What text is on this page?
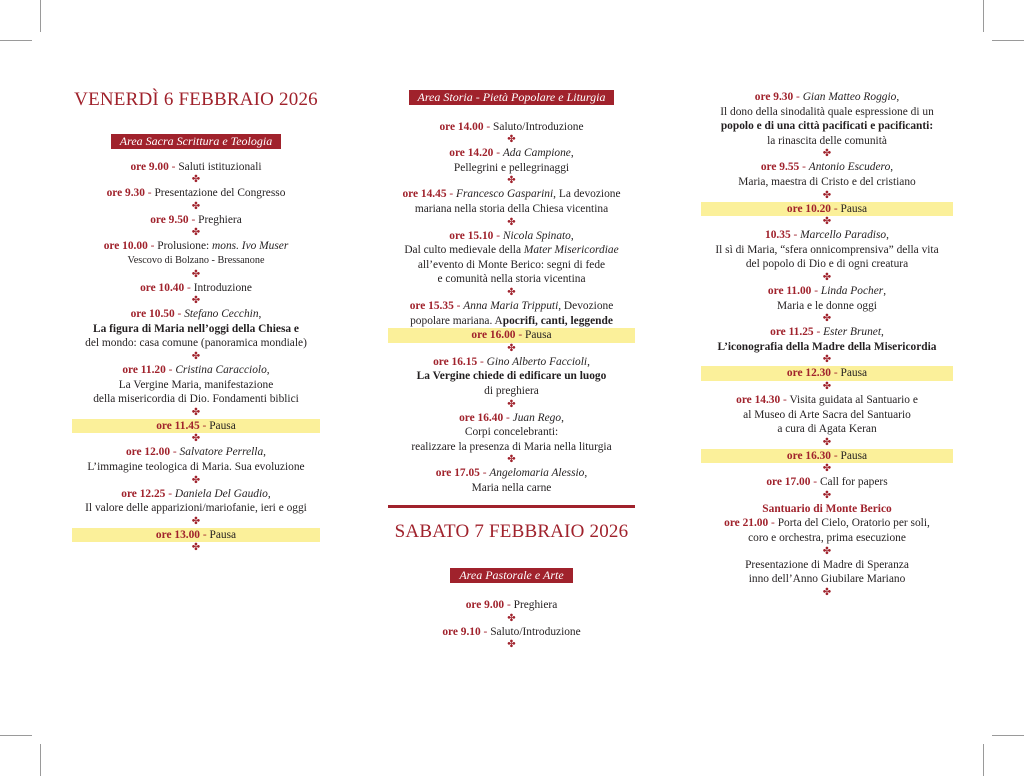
VENERDÌ 6 FEBBRAIO 2026
Area Sacra Scrittura e Teologia
ore 9.00 - Saluti istituzionali
✤
ore 9.30 - Presentazione del Congresso
✤
ore 9.50 - Preghiera
✤
ore 10.00 - Prolusione: mons. Ivo Muser
Vescovo di Bolzano - Bressanone
✤
ore 10.40 - Introduzione
✤
ore 10.50 - Stefano Cecchin,
La figura di Maria nell’oggi della Chiesa e
del mondo: casa comune (panoramica mondiale)
✤
ore 11.20 - Cristina Caracciolo,
La Vergine Maria, manifestazione
della misericordia di Dio. Fondamenti biblici
✤
ore 11.45 - Pausa
✤
ore 12.00 - Salvatore Perrella,
L’immagine teologica di Maria. Sua evoluzione
✤
ore 12.25 - Daniela Del Gaudio,
Il valore delle apparizioni/mariofanie, ieri e oggi
✤
ore 13.00 - Pausa
✤
Area Storia - Pietà Popolare e Liturgia
ore 14.00 - Saluto/Introduzione
✤
ore 14.20 - Ada Campione,
Pellegrini e pellegrinaggi
✤
ore 14.45 - Francesco Gasparini, La devozione
mariana nella storia della Chiesa vicentina
✤
ore 15.10 - Nicola Spinato,
Dal culto medievale della Mater Misericordiae
all’evento di Monte Berico: segni di fede
e comunità nella storia vicentina
✤
ore 15.35 - Anna Maria Tripputi, Devozione
popolare mariana. Apocrifi, canti, leggende
ore 16.00 - Pausa
✤
ore 16.15 - Gino Alberto Faccioli,
La Vergine chiede di edificare un luogo
di preghiera
✤
ore 16.40 - Juan Rego,
Corpi concelebranti:
realizzare la presenza di Maria nella liturgia
✤
ore 17.05 - Angelomaria Alessio,
Maria nella carne
SABATO 7 FEBBRAIO 2026
Area Pastorale e Arte
ore 9.00 - Preghiera
✤
ore 9.10 - Saluto/Introduzione
✤
ore 9.30 - Gian Matteo Roggio,
Il dono della sinodalità quale espressione di un
popolo e di una città pacificati e pacificanti:
la rinascita delle comunità
✤
ore 9.55 - Antonio Escudero,
Maria, maestra di Cristo e del cristiano
✤
ore 10.20 - Pausa
✤
10.35 - Marcello Paradiso,
Il sì di Maria, “sfera onnicomprensiva” della vita
del popolo di Dio e di ogni creatura
✤
ore 11.00 - Linda Pocher,
Maria e le donne oggi
✤
ore 11.25 - Ester Brunet,
L’iconografia della Madre della Misericordia
✤
ore 12.30 - Pausa
✤
ore 14.30 - Visita guidata al Santuario e
al Museo di Arte Sacra del Santuario
a cura di Agata Keran
✤
ore 16.30 - Pausa
✤
ore 17.00 - Call for papers
✤
Santuario di Monte Berico
ore 21.00 - Porta del Cielo, Oratorio per soli,
coro e orchestra, prima esecuzione
✤
Presentazione di Madre di Speranza
inno dell’Anno Giubilare Mariano
✤
